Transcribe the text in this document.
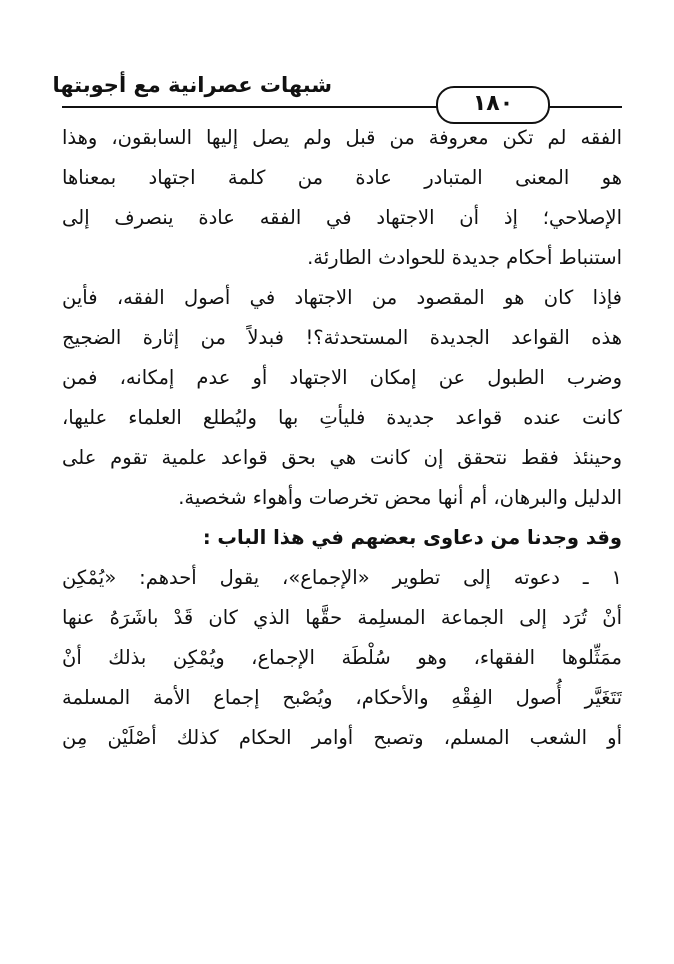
شبهات عصرانية مع أجوبتها
١٨٠
الفقه لم تكن معروفة من قبل ولم يصل إليها السابقون، وهذا
هو المعنى المتبادر عادة من كلمة اجتهاد بمعناها
الإصلاحي؛ إذ أن الاجتهاد في الفقه عادة ينصرف إلى
استنباط أحكام جديدة للحوادث الطارئة.
فإذا كان هو المقصود من الاجتهاد في أصول الفقه، فأين
هذه القواعد الجديدة المستحدثة؟! فبدلاً من إثارة الضجيج
وضرب الطبول عن إمكان الاجتهاد أو عدم إمكانه، فمن
كانت عنده قواعد جديدة فليأتِ بها وليُطلع العلماء عليها،
وحينئذ فقط نتحقق إن كانت هي بحق قواعد علمية تقوم على
الدليل والبرهان، أم أنها محض تخرصات وأهواء شخصية.
وقد وجدنا من دعاوى بعضهم في هذا الباب :
١ ـ دعوته إلى تطوير «الإجماع»، يقول أحدهم: «يُمْكِن
أنْ تُرَد إلى الجماعة المسلِمة حقَّها الذي كان قَدْ باشَرَهُ عنها
ممَثِّلوها الفقهاء، وهو سُلْطَة الإجماع، ويُمْكِن بذلك أنْ
تَتَغَيَّر أُصول الفِقْهِ والأحكام، ويُصْبح إجماع الأمة المسلمة
أو الشعب المسلم، وتصبح أوامر الحكام كذلك أصْلَيْن مِن
